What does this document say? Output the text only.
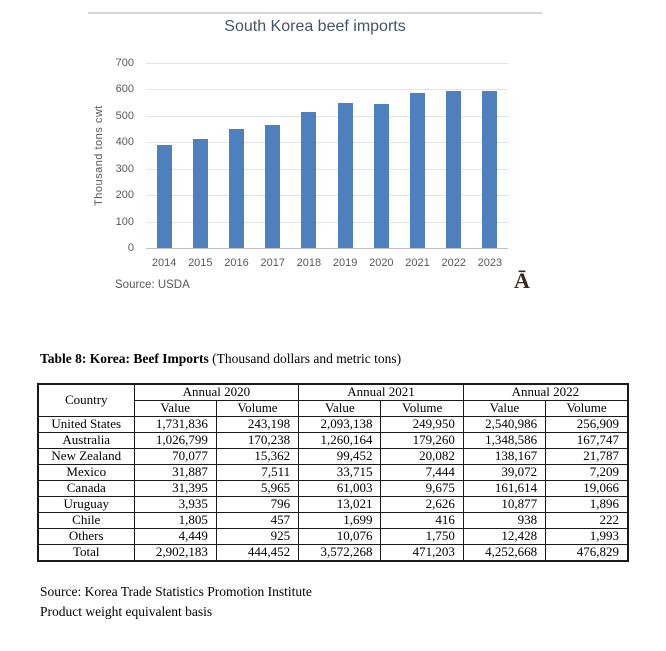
South Korea beef imports
Thousand tons cwt
0
100
200
300
400
500
600
700
2014	2015	2016	2017	2018	2019	2020	2021	2022	2023
Source: USDA	Ā
Table 8: Korea: Beef Imports (Thousand dollars and metric tons)
Country	Annual 2020		Annual 2021		Annual 2022	
	Value	Volume	Value	Volume	Value	Volume
United States	1,731,836	243,198	2,093,138	249,950	2,540,986	256,909
Australia	1,026,799	170,238	1,260,164	179,260	1,348,586	167,747
New Zealand	70,077	15,362	99,452	20,082	138,167	21,787
Mexico	31,887	7,511	33,715	7,444	39,072	7,209
Canada	31,395	5,965	61,003	9,675	161,614	19,066
Uruguay	3,935	796	13,021	2,626	10,877	1,896
Chile	1,805	457	1,699	416	938	222
Others	4,449	925	10,076	1,750	12,428	1,993
Total	2,902,183	444,452	3,572,268	471,203	4,252,668	476,829
Source: Korea Trade Statistics Promotion Institute
Product weight equivalent basis
